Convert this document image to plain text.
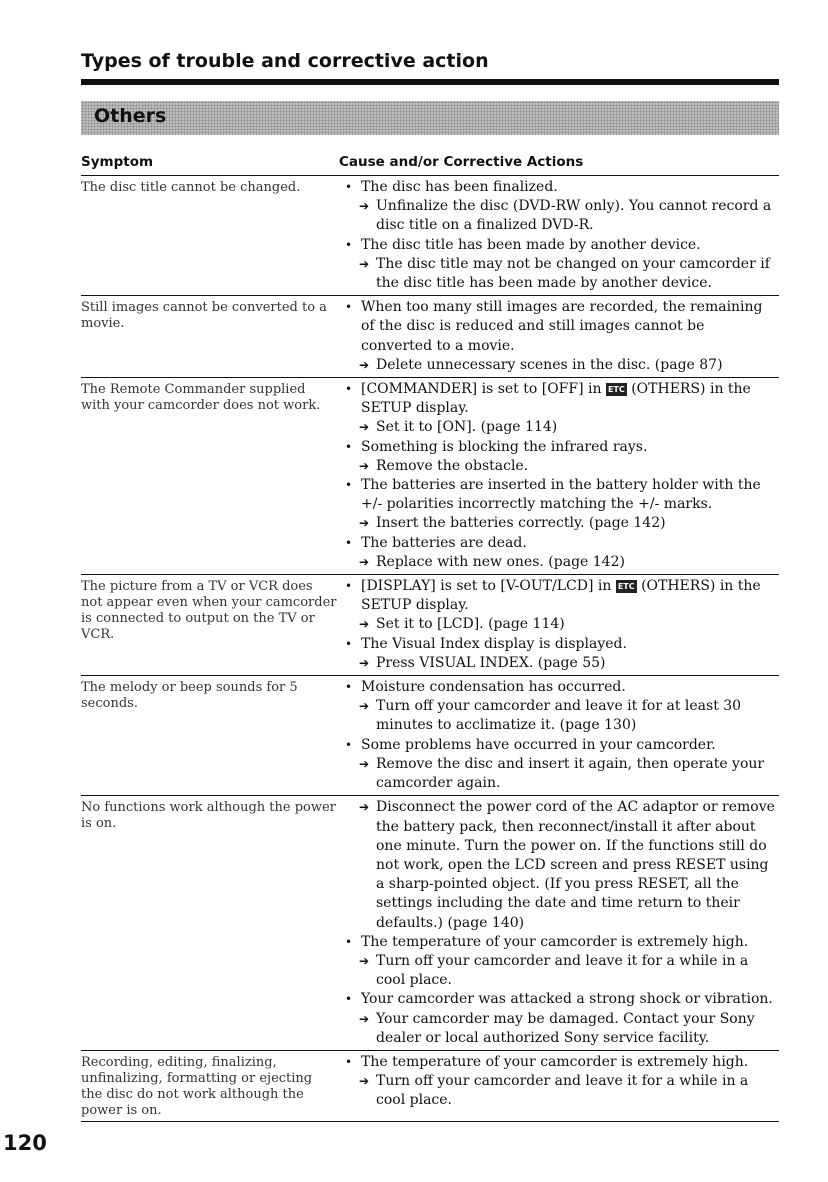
Types of trouble and corrective action
Others
Symptom	Cause and/or Corrective Actions
The disc title cannot be changed.	• The disc has been finalized.
➔ Unfinalize the disc (DVD-RW only). You cannot record a disc title on a finalized DVD-R.
• The disc title has been made by another device.
➔ The disc title may not be changed on your camcorder if the disc title has been made by another device.
Still images cannot be converted to a movie.
• When too many still images are recorded, the remaining of the disc is reduced and still images cannot be converted to a movie.
➔ Delete unnecessary scenes in the disc. (page 87)
The Remote Commander supplied with your camcorder does not work.
• [COMMANDER] is set to [OFF] in ETC (OTHERS) in the SETUP display.
➔ Set it to [ON]. (page 114)
• Something is blocking the infrared rays.
➔ Remove the obstacle.
• The batteries are inserted in the battery holder with the +/- polarities incorrectly matching the +/- marks.
➔ Insert the batteries correctly. (page 142)
• The batteries are dead.
➔ Replace with new ones. (page 142)
The picture from a TV or VCR does not appear even when your camcorder is connected to output on the TV or VCR.
• [DISPLAY] is set to [V-OUT/LCD] in ETC (OTHERS) in the SETUP display.
➔ Set it to [LCD]. (page 114)
• The Visual Index display is displayed.
➔ Press VISUAL INDEX. (page 55)
The melody or beep sounds for 5 seconds.
• Moisture condensation has occurred.
➔ Turn off your camcorder and leave it for at least 30 minutes to acclimatize it. (page 130)
• Some problems have occurred in your camcorder.
➔ Remove the disc and insert it again, then operate your camcorder again.
No functions work although the power is on.
➔ Disconnect the power cord of the AC adaptor or remove the battery pack, then reconnect/install it after about one minute. Turn the power on. If the functions still do not work, open the LCD screen and press RESET using a sharp-pointed object. (If you press RESET, all the settings including the date and time return to their defaults.) (page 140)
• The temperature of your camcorder is extremely high.
➔ Turn off your camcorder and leave it for a while in a cool place.
• Your camcorder was attacked a strong shock or vibration.
➔ Your camcorder may be damaged. Contact your Sony dealer or local authorized Sony service facility.
Recording, editing, finalizing, unfinalizing, formatting or ejecting the disc do not work although the power is on.
• The temperature of your camcorder is extremely high.
➔ Turn off your camcorder and leave it for a while in a cool place.
120
